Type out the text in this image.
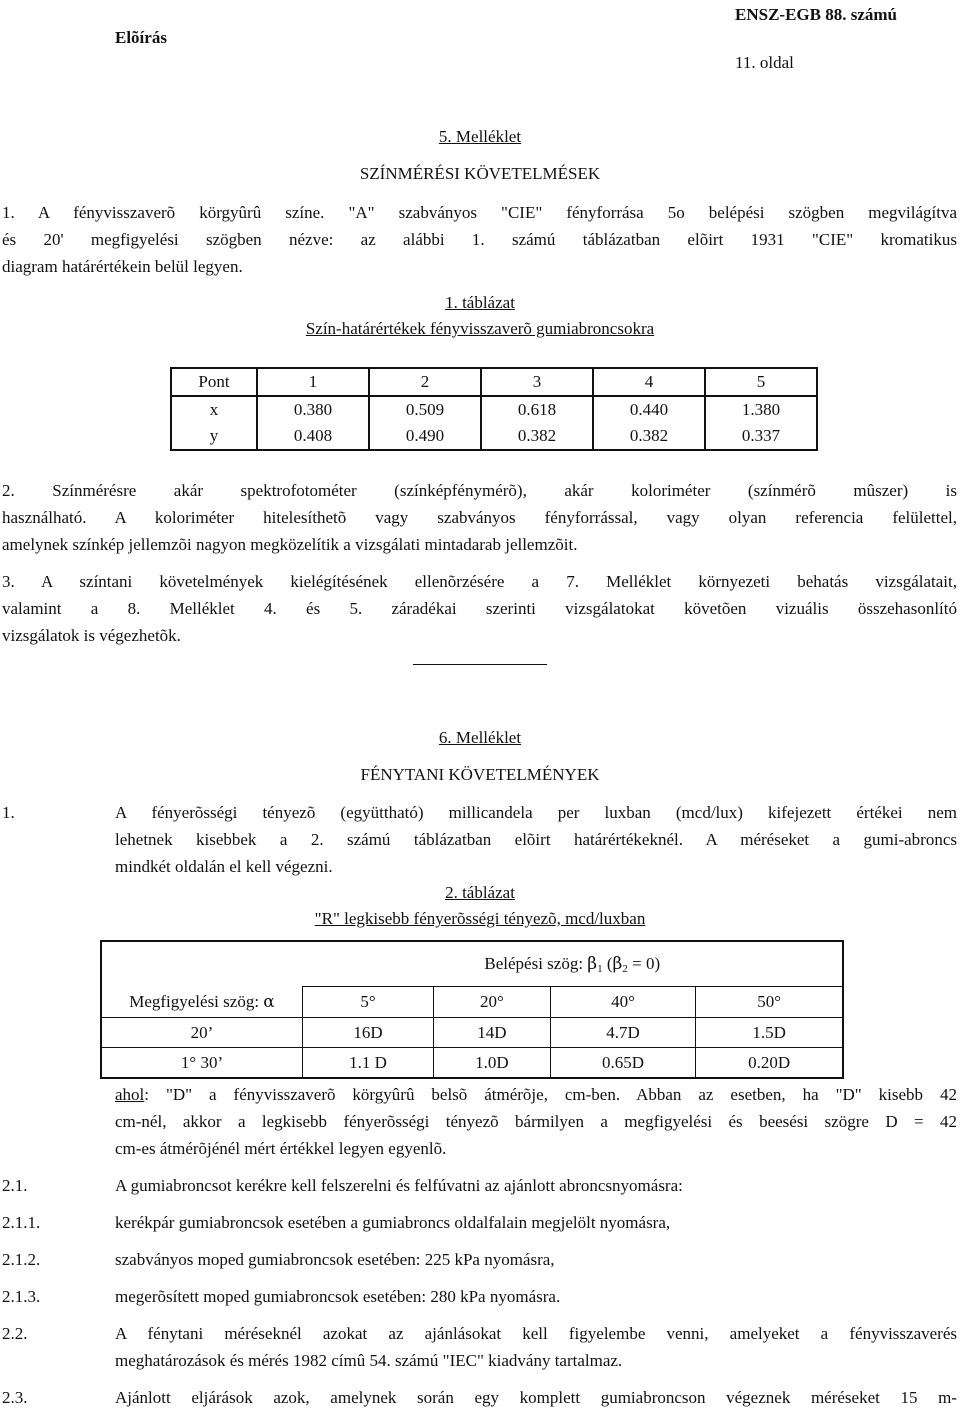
Elõírás
ENSZ-EGB 88. számú
11. oldal
5. Melléklet
SZÍNMÉRÉSI KÖVETELMÉSEK
1. A fényvisszaverõ körgyûrû színe. "A" szabványos "CIE" fényforrása 5o belépési szögben megvilágítva
és 20' megfigyelési szögben nézve: az alábbi 1. számú táblázatban elõirt 1931 "CIE" kromatikus
diagram határértékein belül legyen.
1. táblázat
Szín-határértékek fényvisszaverõ gumiabroncsokra
Pont	1	2	3	4	5
x	0.380	0.509	0.618	0.440	1.380
y	0.408	0.490	0.382	0.382	0.337
2. Színmérésre akár spektrofotométer (színképfénymérõ), akár koloriméter (színmérõ mûszer) is
használható. A koloriméter hitelesíthetõ vagy szabványos fényforrással, vagy olyan referencia felülettel,
amelynek színkép jellemzõi nagyon megközelítik a vizsgálati mintadarab jellemzõit.
3. A színtani követelmények kielégítésének ellenõrzésére a 7. Melléklet környezeti behatás vizsgálatait,
valamint a 8. Melléklet 4. és 5. záradékai szerinti vizsgálatokat követõen vizuális összehasonlító
vizsgálatok is végezhetõk.
6. Melléklet
FÉNYTANI KÖVETELMÉNYEK
1.	A fényerõsségi tényezõ (együttható) millicandela per luxban (mcd/lux) kifejezett értékei nem
lehetnek kisebbek a 2. számú táblázatban elõirt határértékeknél. A méréseket a gumi-abroncs
mindkét oldalán el kell végezni.
2. táblázat
"R" legkisebb fényerõsségi tényezõ, mcd/luxban
	Belépési szög: $\beta_1$ $(\beta_2 = 0)$			
Megfigyelési szög: α	5°	20°	40°	50°
20’	16D	14D	4.7D	1.5D
1° 30’	1.1 D	1.0D	0.65D	0.20D
ahol: "D" a fényvisszaverõ körgyûrû belsõ átmérõje, cm-ben. Abban az esetben, ha "D" kisebb 42
cm-nél, akkor a legkisebb fényerõsségi tényezõ bármilyen a megfigyelési és beesési szögre D = 42
cm-es átmérõjénél mért értékkel legyen egyenlõ.
2.1.	A gumiabroncsot kerékre kell felszerelni és felfúvatni az ajánlott abroncsnyomásra:
2.1.1.	kerékpár gumiabroncsok esetében a gumiabroncs oldalfalain megjelölt nyomásra,
2.1.2.	szabványos moped gumiabroncsok esetében: 225 kPa nyomásra,
2.1.3.	megerõsített moped gumiabroncsok esetében: 280 kPa nyomásra.
2.2.	A fénytani méréseknél azokat az ajánlásokat kell figyelembe venni, amelyeket a fényvisszaverés
meghatározások és mérés 1982 címû 54. számú "IEC" kiadvány tartalmaz.
2.3.	Ajánlott eljárások azok, amelynek során egy komplett gumiabroncson végeznek méréseket 15 m-
